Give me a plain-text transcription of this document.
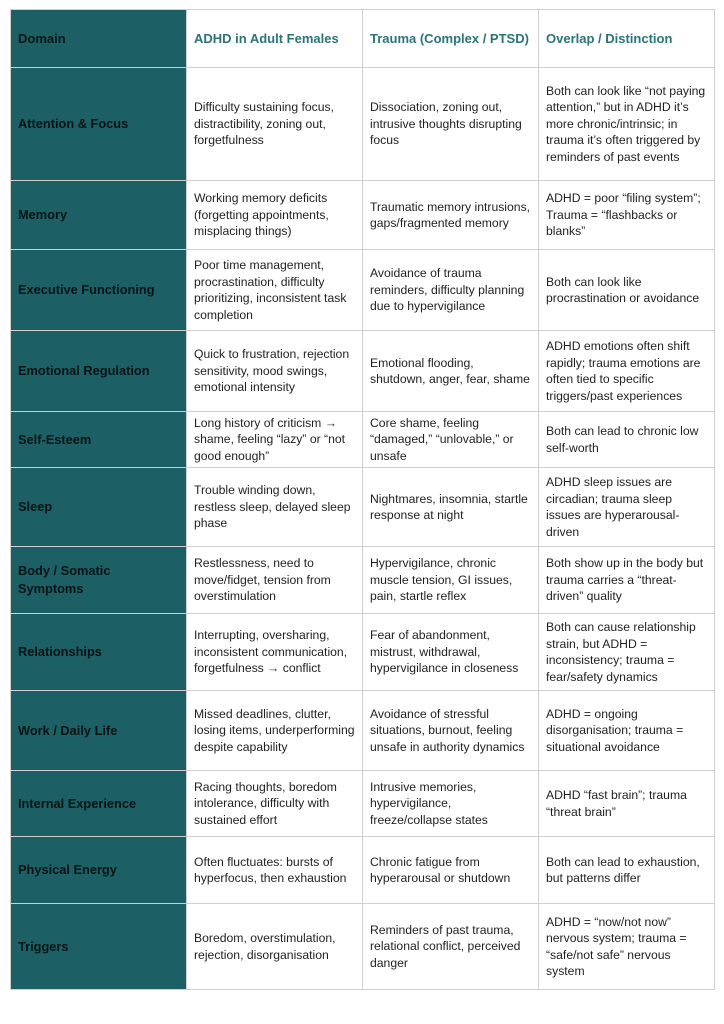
Domain	ADHD in Adult Females	Trauma (Complex / PTSD)	Overlap / Distinction
Attention & Focus	Difficulty sustaining focus, distractibility, zoning out, forgetfulness	Dissociation, zoning out, intrusive thoughts disrupting focus	Both can look like “not paying attention,” but in ADHD it’s more chronic/intrinsic; in trauma it’s often triggered by reminders of past events
Memory	Working memory deficits (forgetting appointments, misplacing things)	Traumatic memory intrusions, gaps/fragmented memory	ADHD = poor “filing system”; Trauma = “flashbacks or blanks”
Executive Functioning	Poor time management, procrastination, difficulty prioritizing, inconsistent task completion	Avoidance of trauma reminders, difficulty planning due to hypervigilance	Both can look like procrastination or avoidance
Emotional Regulation	Quick to frustration, rejection sensitivity, mood swings, emotional intensity	Emotional flooding, shutdown, anger, fear, shame	ADHD emotions often shift rapidly; trauma emotions are often tied to specific triggers/past experiences
Self-Esteem	Long history of criticism → shame, feeling “lazy” or “not good enough”	Core shame, feeling “damaged,” “unlovable,” or unsafe	Both can lead to chronic low self-worth
Sleep	Trouble winding down, restless sleep, delayed sleep phase	Nightmares, insomnia, startle response at night	ADHD sleep issues are circadian; trauma sleep issues are hyperarousal-driven
Body / Somatic Symptoms	Restlessness, need to move/fidget, tension from overstimulation	Hypervigilance, chronic muscle tension, GI issues, pain, startle reflex	Both show up in the body but trauma carries a “threat-driven” quality
Relationships	Interrupting, oversharing, inconsistent communication, forgetfulness → conflict	Fear of abandonment, mistrust, withdrawal, hypervigilance in closeness	Both can cause relationship strain, but ADHD = inconsistency; trauma = fear/safety dynamics
Work / Daily Life	Missed deadlines, clutter, losing items, underperforming despite capability	Avoidance of stressful situations, burnout, feeling unsafe in authority dynamics	ADHD = ongoing disorganisation; trauma = situational avoidance
Internal Experience	Racing thoughts, boredom intolerance, difficulty with sustained effort	Intrusive memories, hypervigilance, freeze/collapse states	ADHD “fast brain”; trauma “threat brain”
Physical Energy	Often fluctuates: bursts of hyperfocus, then exhaustion	Chronic fatigue from hyperarousal or shutdown	Both can lead to exhaustion, but patterns differ
Triggers	Boredom, overstimulation, rejection, disorganisation	Reminders of past trauma, relational conflict, perceived danger	ADHD = “now/not now” nervous system; trauma = “safe/not safe” nervous system
